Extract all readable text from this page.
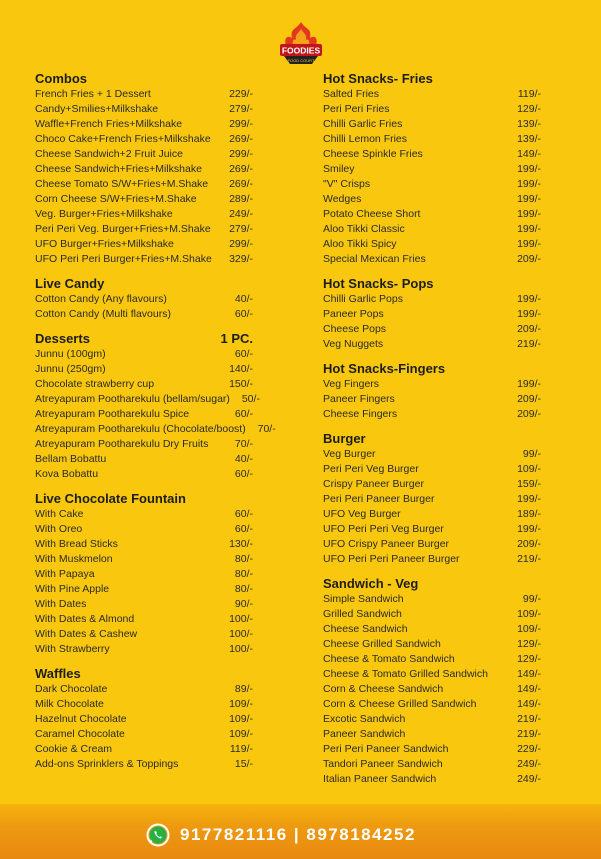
FOODIES
FOOD COURT
Combos
French Fries + 1 Dessert	229/-
Candy+Smilies+Milkshake	279/-
Waffle+French Fries+Milkshake	299/-
Choco Cake+French Fries+Milkshake	269/-
Cheese Sandwich+2 Fruit Juice	299/-
Cheese Sandwich+Fries+Milkshake	269/-
Cheese Tomato S/W+Fries+M.Shake	269/-
Corn Cheese S/W+Fries+M.Shake	289/-
Veg. Burger+Fries+Milkshake	249/-
Peri Peri Veg. Burger+Fries+M.Shake	279/-
UFO Burger+Fries+Milkshake	299/-
UFO Peri Peri Burger+Fries+M.Shake	329/-
Live Candy
Cotton Candy (Any flavours)	40/-
Cotton Candy (Multi flavours)	60/-
Desserts	1 PC.
Junnu (100gm)	60/-
Junnu (250gm)	140/-
Chocolate strawberry cup	150/-
Atreyapuram Pootharekulu (bellam/sugar)	50/-
Atreyapuram Pootharekulu Spice	60/-
Atreyapuram Pootharekulu (Chocolate/boost)	70/-
Atreyapuram Pootharekulu Dry Fruits	70/-
Bellam Bobattu	40/-
Kova Bobattu	60/-
Live Chocolate Fountain
With Cake	60/-
With Oreo	60/-
With Bread Sticks	130/-
With Muskmelon	80/-
With Papaya	80/-
With Pine Apple	80/-
With Dates	90/-
With Dates & Almond	100/-
With Dates & Cashew	100/-
With Strawberry	100/-
Waffles
Dark Chocolate	89/-
Milk Chocolate	109/-
Hazelnut Chocolate	109/-
Caramel Chocolate	109/-
Cookie & Cream	119/-
Add-ons Sprinklers & Toppings	15/-
Hot Snacks- Fries
Salted Fries	119/-
Peri Peri Fries	129/-
Chilli Garlic Fries	139/-
Chilli Lemon Fries	139/-
Cheese Spinkle Fries	149/-
Smiley	199/-
"V" Crisps	199/-
Wedges	199/-
Potato Cheese Short	199/-
Aloo Tikki Classic	199/-
Aloo Tikki Spicy	199/-
Special Mexican Fries	209/-
Hot Snacks- Pops
Chilli Garlic Pops	199/-
Paneer Pops	199/-
Cheese Pops	209/-
Veg Nuggets	219/-
Hot Snacks-Fingers
Veg Fingers	199/-
Paneer Fingers	209/-
Cheese Fingers	209/-
Burger
Veg Burger	99/-
Peri Peri Veg Burger	109/-
Crispy Paneer Burger	159/-
Peri Peri Paneer Burger	199/-
UFO Veg Burger	189/-
UFO Peri Peri Veg Burger	199/-
UFO Crispy Paneer Burger	209/-
UFO Peri Peri Paneer Burger	219/-
Sandwich - Veg
Simple Sandwich	99/-
Grilled Sandwich	109/-
Cheese Sandwich	109/-
Cheese Grilled Sandwich	129/-
Cheese & Tomato Sandwich	129/-
Cheese & Tomato Grilled Sandwich	149/-
Corn & Cheese Sandwich	149/-
Corn & Cheese Grilled Sandwich	149/-
Excotic Sandwich	219/-
Paneer Sandwich	219/-
Peri Peri Paneer Sandwich	229/-
Tandori Paneer Sandwich	249/-
Italian Paneer Sandwich	249/-
9177821116 | 8978184252
